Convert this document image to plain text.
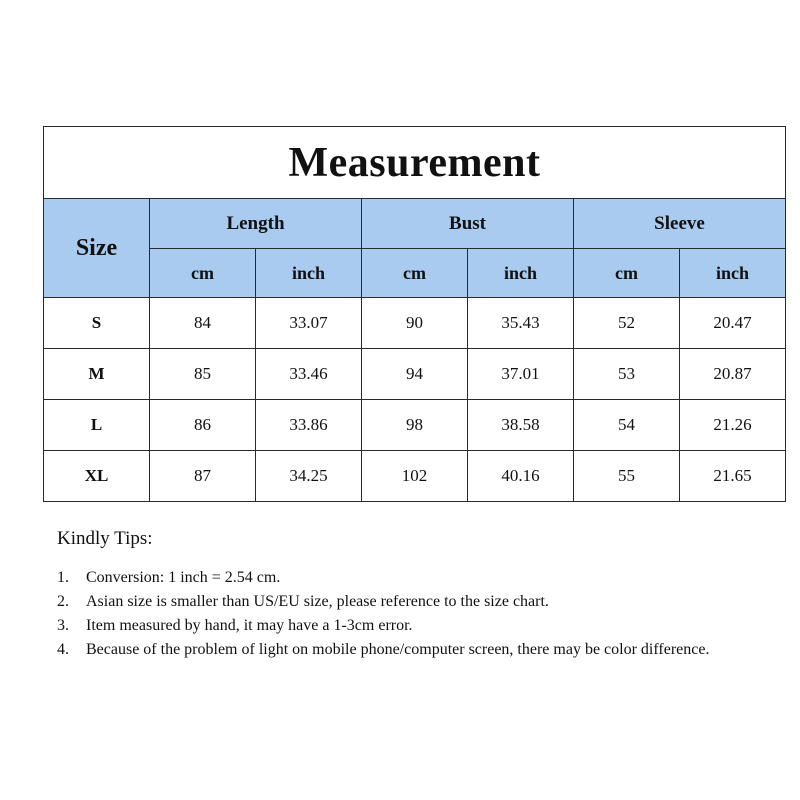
Measurement						
Size	Length		Bust		Sleeve	
	cm	inch	cm	inch	cm	inch
S	84	33.07	90	35.43	52	20.47
M	85	33.46	94	37.01	53	20.87
L	86	33.86	98	38.58	54	21.26
XL	87	34.25	102	40.16	55	21.65

Kindly Tips:

1. Conversion: 1 inch = 2.54 cm.
2. Asian size is smaller than US/EU size, please reference to the size chart.
3. Item measured by hand, it may have a 1-3cm error.
4. Because of the problem of light on mobile phone/computer screen, there may be color difference.
